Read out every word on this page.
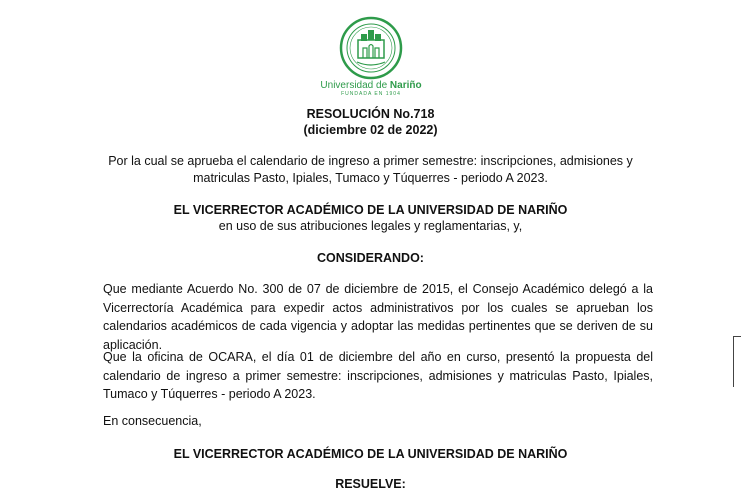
Universidad de Nariño
FUNDADA EN 1904
RESOLUCIÓN No.718
(diciembre 02 de 2022)
Por la cual se aprueba el calendario de ingreso a primer semestre: inscripciones, admisiones y
matriculas Pasto, Ipiales, Tumaco y Túquerres - periodo A 2023.
EL VICERRECTOR ACADÉMICO DE LA UNIVERSIDAD DE NARIÑO
en uso de sus atribuciones legales y reglamentarias, y,
CONSIDERANDO:
Que mediante Acuerdo No. 300 de 07 de diciembre de 2015, el Consejo Académico delegó a la Vicerrectoría Académica para expedir actos administrativos por los cuales se aprueban los calendarios académicos de cada vigencia y adoptar las medidas pertinentes que se deriven de su aplicación.
Que la oficina de OCARA, el día 01 de diciembre del año en curso, presentó la propuesta del calendario de ingreso a primer semestre: inscripciones, admisiones y matriculas Pasto, Ipiales, Tumaco y Túquerres - periodo A 2023.
En consecuencia,
EL VICERRECTOR ACADÉMICO DE LA UNIVERSIDAD DE NARIÑO
RESUELVE:
